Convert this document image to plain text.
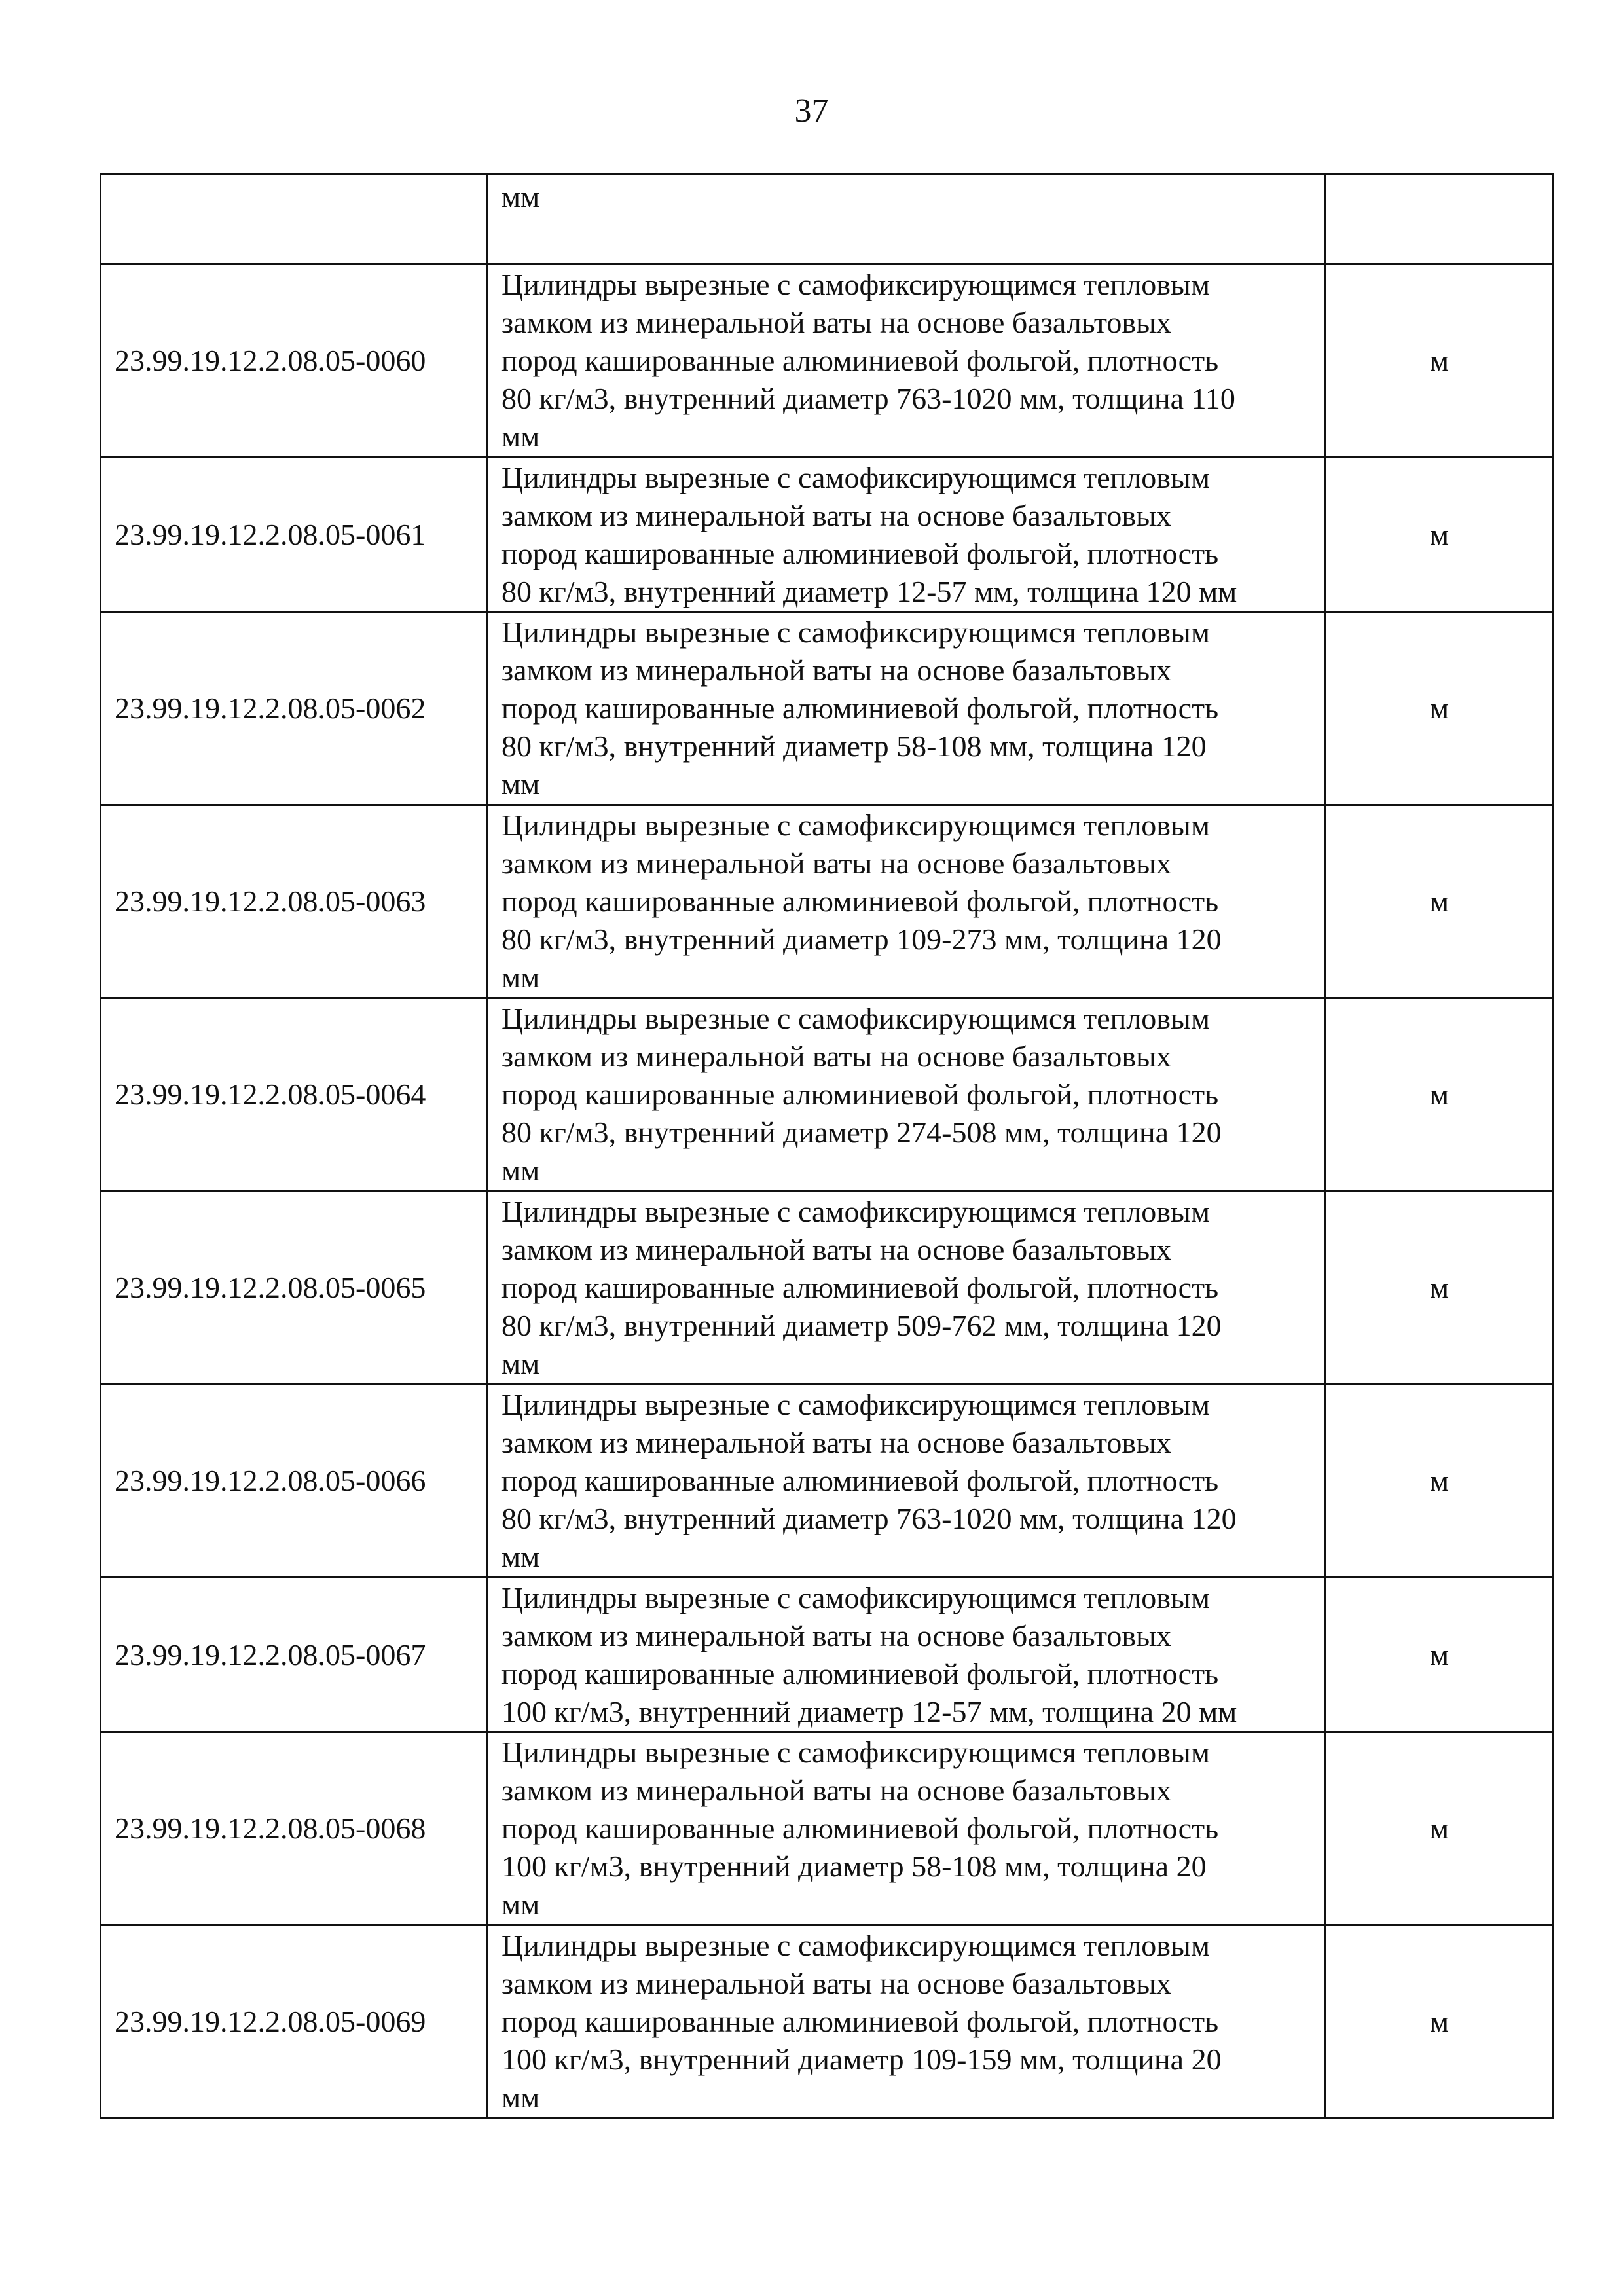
37
	мм	
23.99.19.12.2.08.05-0060	Цилиндры вырезные с самофиксирующимся тепловым
замком из минеральной ваты на основе базальтовых
пород кашированные алюминиевой фольгой, плотность
80 кг/м3, внутренний диаметр 763-1020 мм, толщина 110
мм	м
23.99.19.12.2.08.05-0061	Цилиндры вырезные с самофиксирующимся тепловым
замком из минеральной ваты на основе базальтовых
пород кашированные алюминиевой фольгой, плотность
80 кг/м3, внутренний диаметр 12-57 мм, толщина 120 мм	м
23.99.19.12.2.08.05-0062	Цилиндры вырезные с самофиксирующимся тепловым
замком из минеральной ваты на основе базальтовых
пород кашированные алюминиевой фольгой, плотность
80 кг/м3, внутренний диаметр 58-108 мм, толщина 120
мм	м
23.99.19.12.2.08.05-0063	Цилиндры вырезные с самофиксирующимся тепловым
замком из минеральной ваты на основе базальтовых
пород кашированные алюминиевой фольгой, плотность
80 кг/м3, внутренний диаметр 109-273 мм, толщина 120
мм	м
23.99.19.12.2.08.05-0064	Цилиндры вырезные с самофиксирующимся тепловым
замком из минеральной ваты на основе базальтовых
пород кашированные алюминиевой фольгой, плотность
80 кг/м3, внутренний диаметр 274-508 мм, толщина 120
мм	м
23.99.19.12.2.08.05-0065	Цилиндры вырезные с самофиксирующимся тепловым
замком из минеральной ваты на основе базальтовых
пород кашированные алюминиевой фольгой, плотность
80 кг/м3, внутренний диаметр 509-762 мм, толщина 120
мм	м
23.99.19.12.2.08.05-0066	Цилиндры вырезные с самофиксирующимся тепловым
замком из минеральной ваты на основе базальтовых
пород кашированные алюминиевой фольгой, плотность
80 кг/м3, внутренний диаметр 763-1020 мм, толщина 120
мм	м
23.99.19.12.2.08.05-0067	Цилиндры вырезные с самофиксирующимся тепловым
замком из минеральной ваты на основе базальтовых
пород кашированные алюминиевой фольгой, плотность
100 кг/м3, внутренний диаметр 12-57 мм, толщина 20 мм	м
23.99.19.12.2.08.05-0068	Цилиндры вырезные с самофиксирующимся тепловым
замком из минеральной ваты на основе базальтовых
пород кашированные алюминиевой фольгой, плотность
100 кг/м3, внутренний диаметр 58-108 мм, толщина 20
мм	м
23.99.19.12.2.08.05-0069	Цилиндры вырезные с самофиксирующимся тепловым
замком из минеральной ваты на основе базальтовых
пород кашированные алюминиевой фольгой, плотность
100 кг/м3, внутренний диаметр 109-159 мм, толщина 20
мм	м
